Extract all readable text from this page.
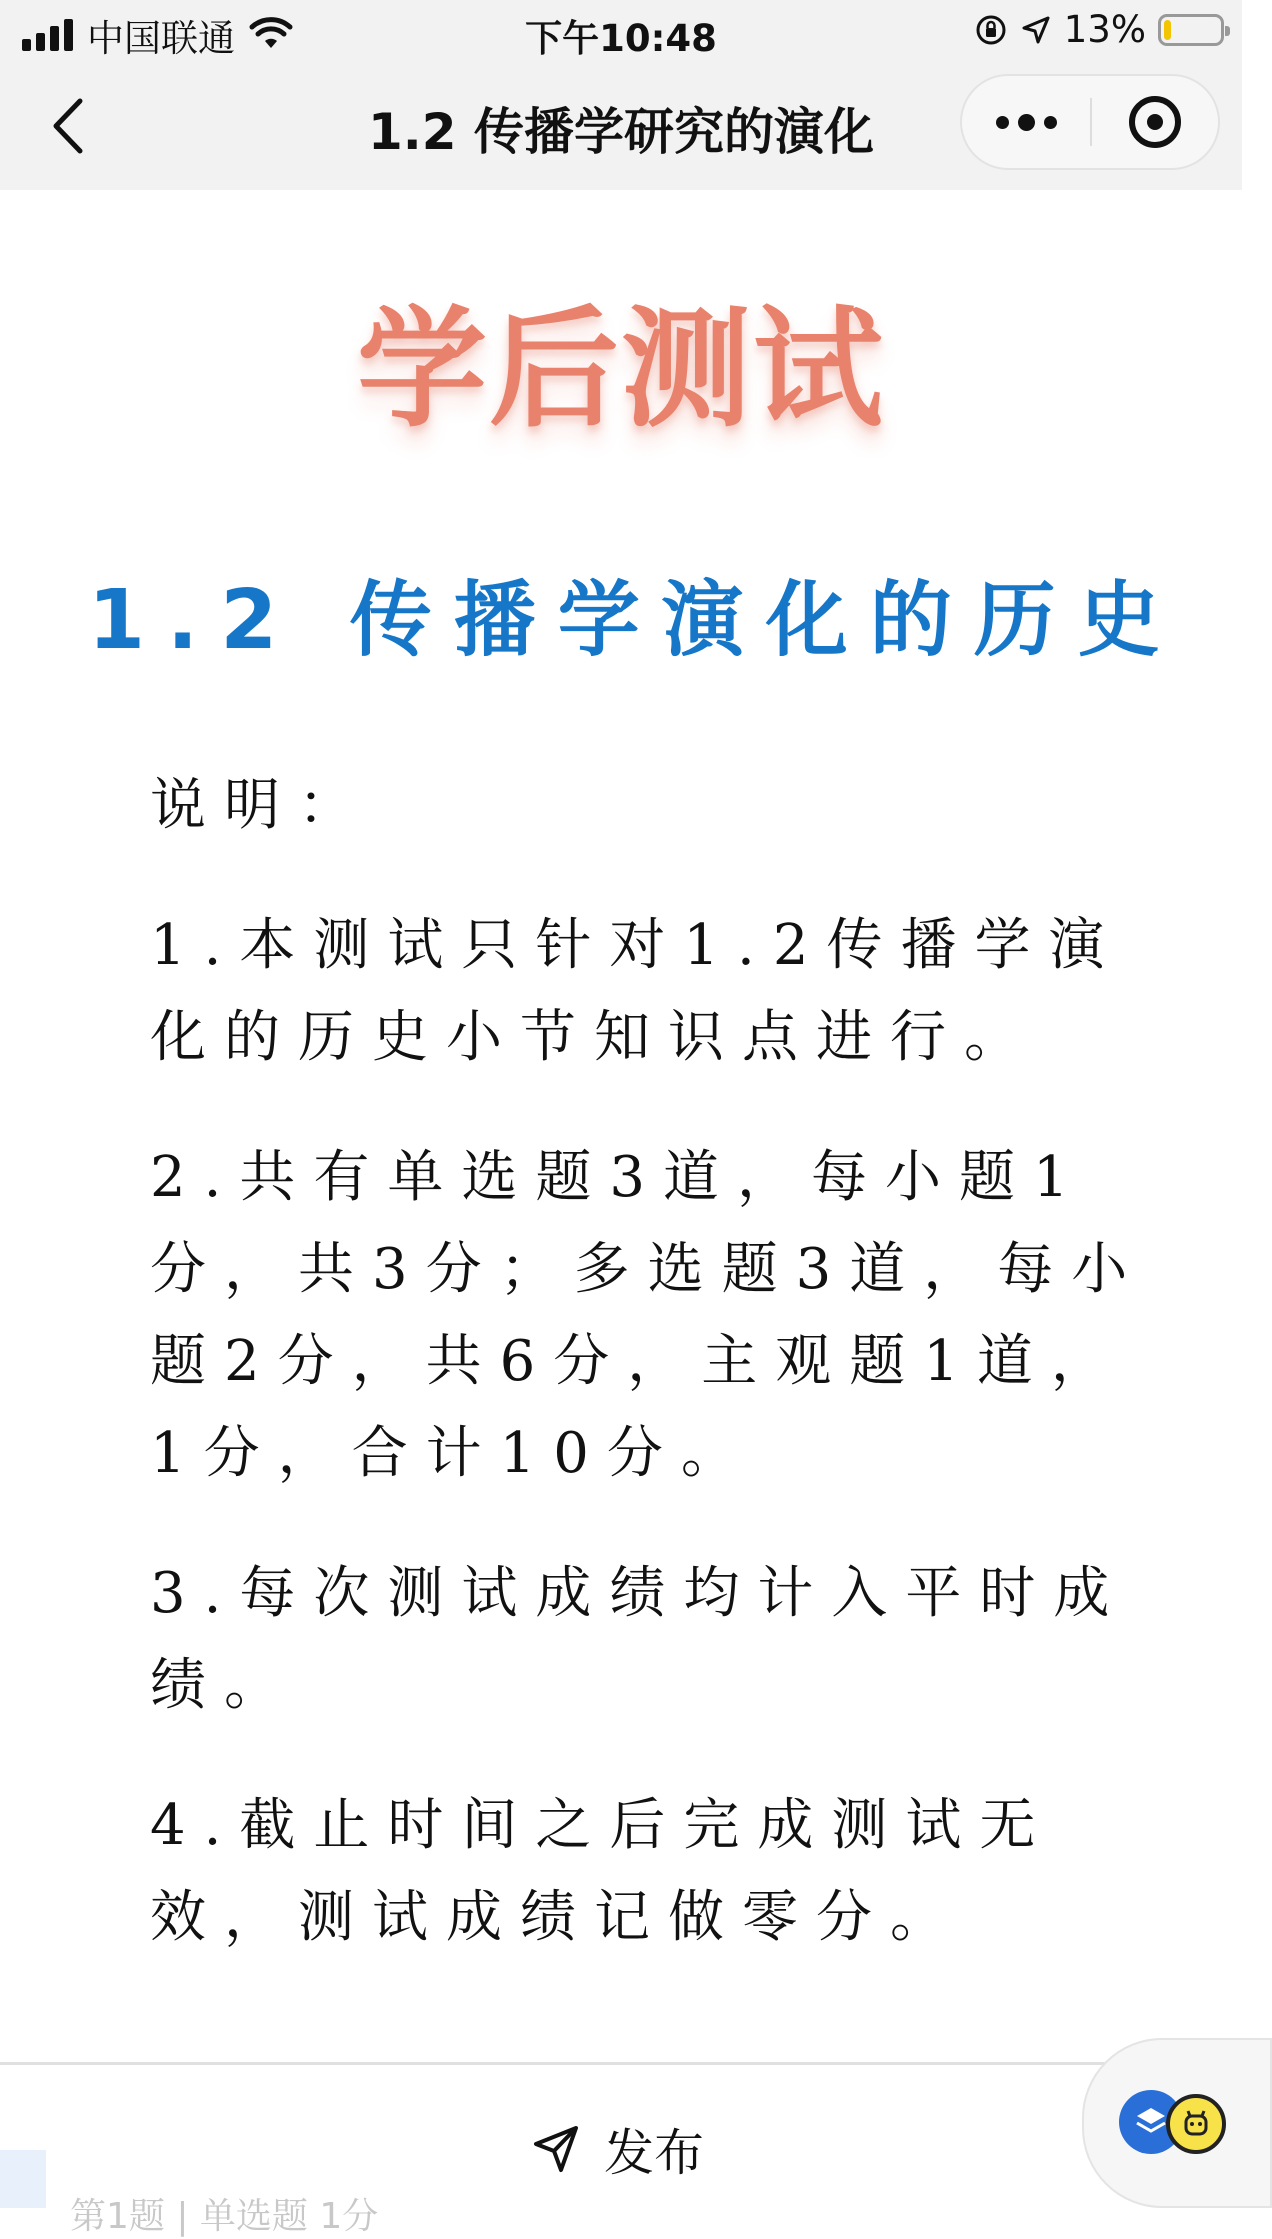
中国联通	下午10:48	13%
1.2 传播学研究的演化
学后测试
1.2 传播学演化的历史
说明：

1.本测试只针对1.2传播学演化的历史小节知识点进行。

2.共有单选题3道，每小题1分，共3分；多选题3道，每小题2分，共6分，主观题1道，1分，合计10分。

3.每次测试成绩均计入平时成绩。

4.截止时间之后完成测试无效，测试成绩记做零分。

发布
第1题 | 单选题 1分
